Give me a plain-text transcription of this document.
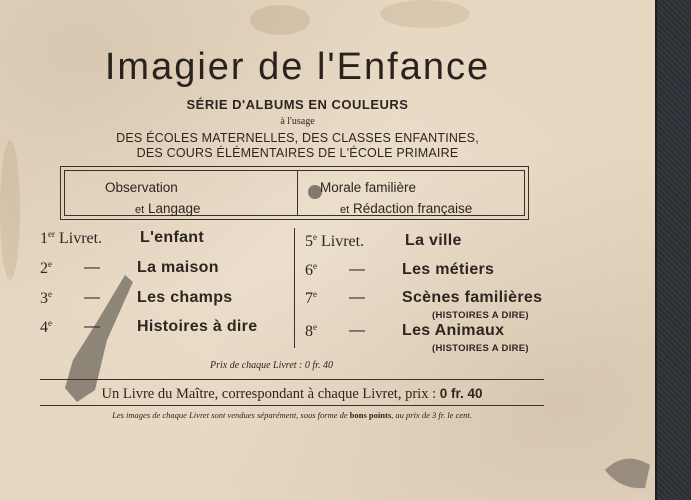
Imagier de l'Enfance
SÉRIE D'ALBUMS EN COULEURS
à l'usage
DES ÉCOLES MATERNELLES, DES CLASSES ENFANTINES,
DES COURS ÉLÉMENTAIRES DE L'ÉCOLE PRIMAIRE
Observation
et Langage
Morale familière
et Rédaction française
1er Livret. L'enfant
2e — La maison
3e — Les champs
4e — Histoires à dire
5e Livret.	La ville
6e — Les métiers
7e — Scènes familières
(HISTOIRES A DIRE)
8e — Les Animaux
(HISTOIRES A DIRE)
Prix de chaque Livret : 0 fr. 40
Un Livre du Maître, correspondant à chaque Livret, prix : 0 fr. 40
Les images de chaque Livret sont vendues séparément, sous forme de bons points, au prix de 3 fr. le cent.
